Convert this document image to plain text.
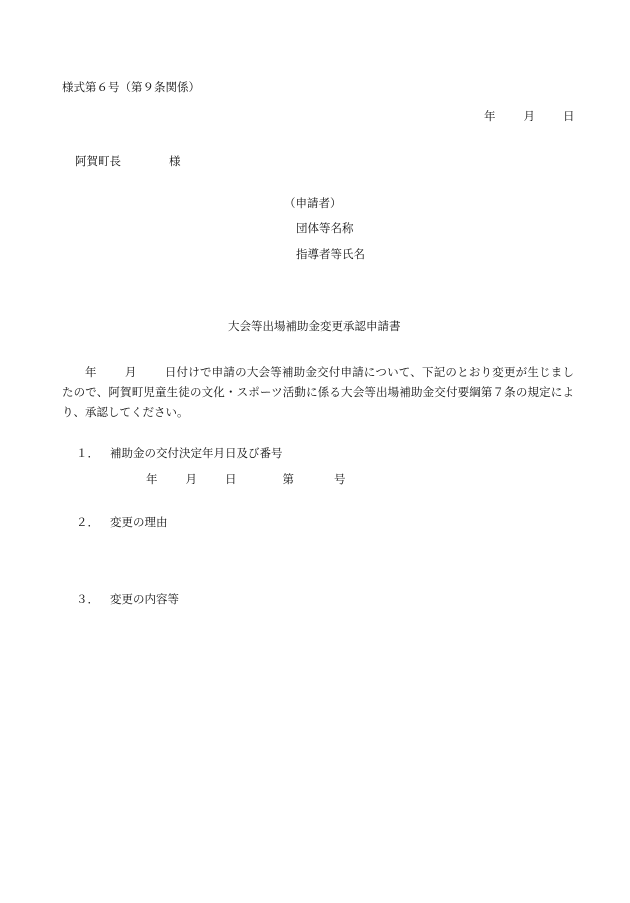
様式第６号（第９条関係）
年 月 日
阿賀町長	様
（申請者）
団体等名称
指導者等氏名
大会等出場補助金変更承認申請書
年 月 日付けで申請の大会等補助金交付申請について、下記のとおり変更が生じましたので、阿賀町児童生徒の文化・スポーツ活動に係る大会等出場補助金交付要綱第７条の規定により、承認してください。
１． 補助金の交付決定年月日及び番号
年 月 日	第	号
２． 変更の理由
３． 変更の内容等
